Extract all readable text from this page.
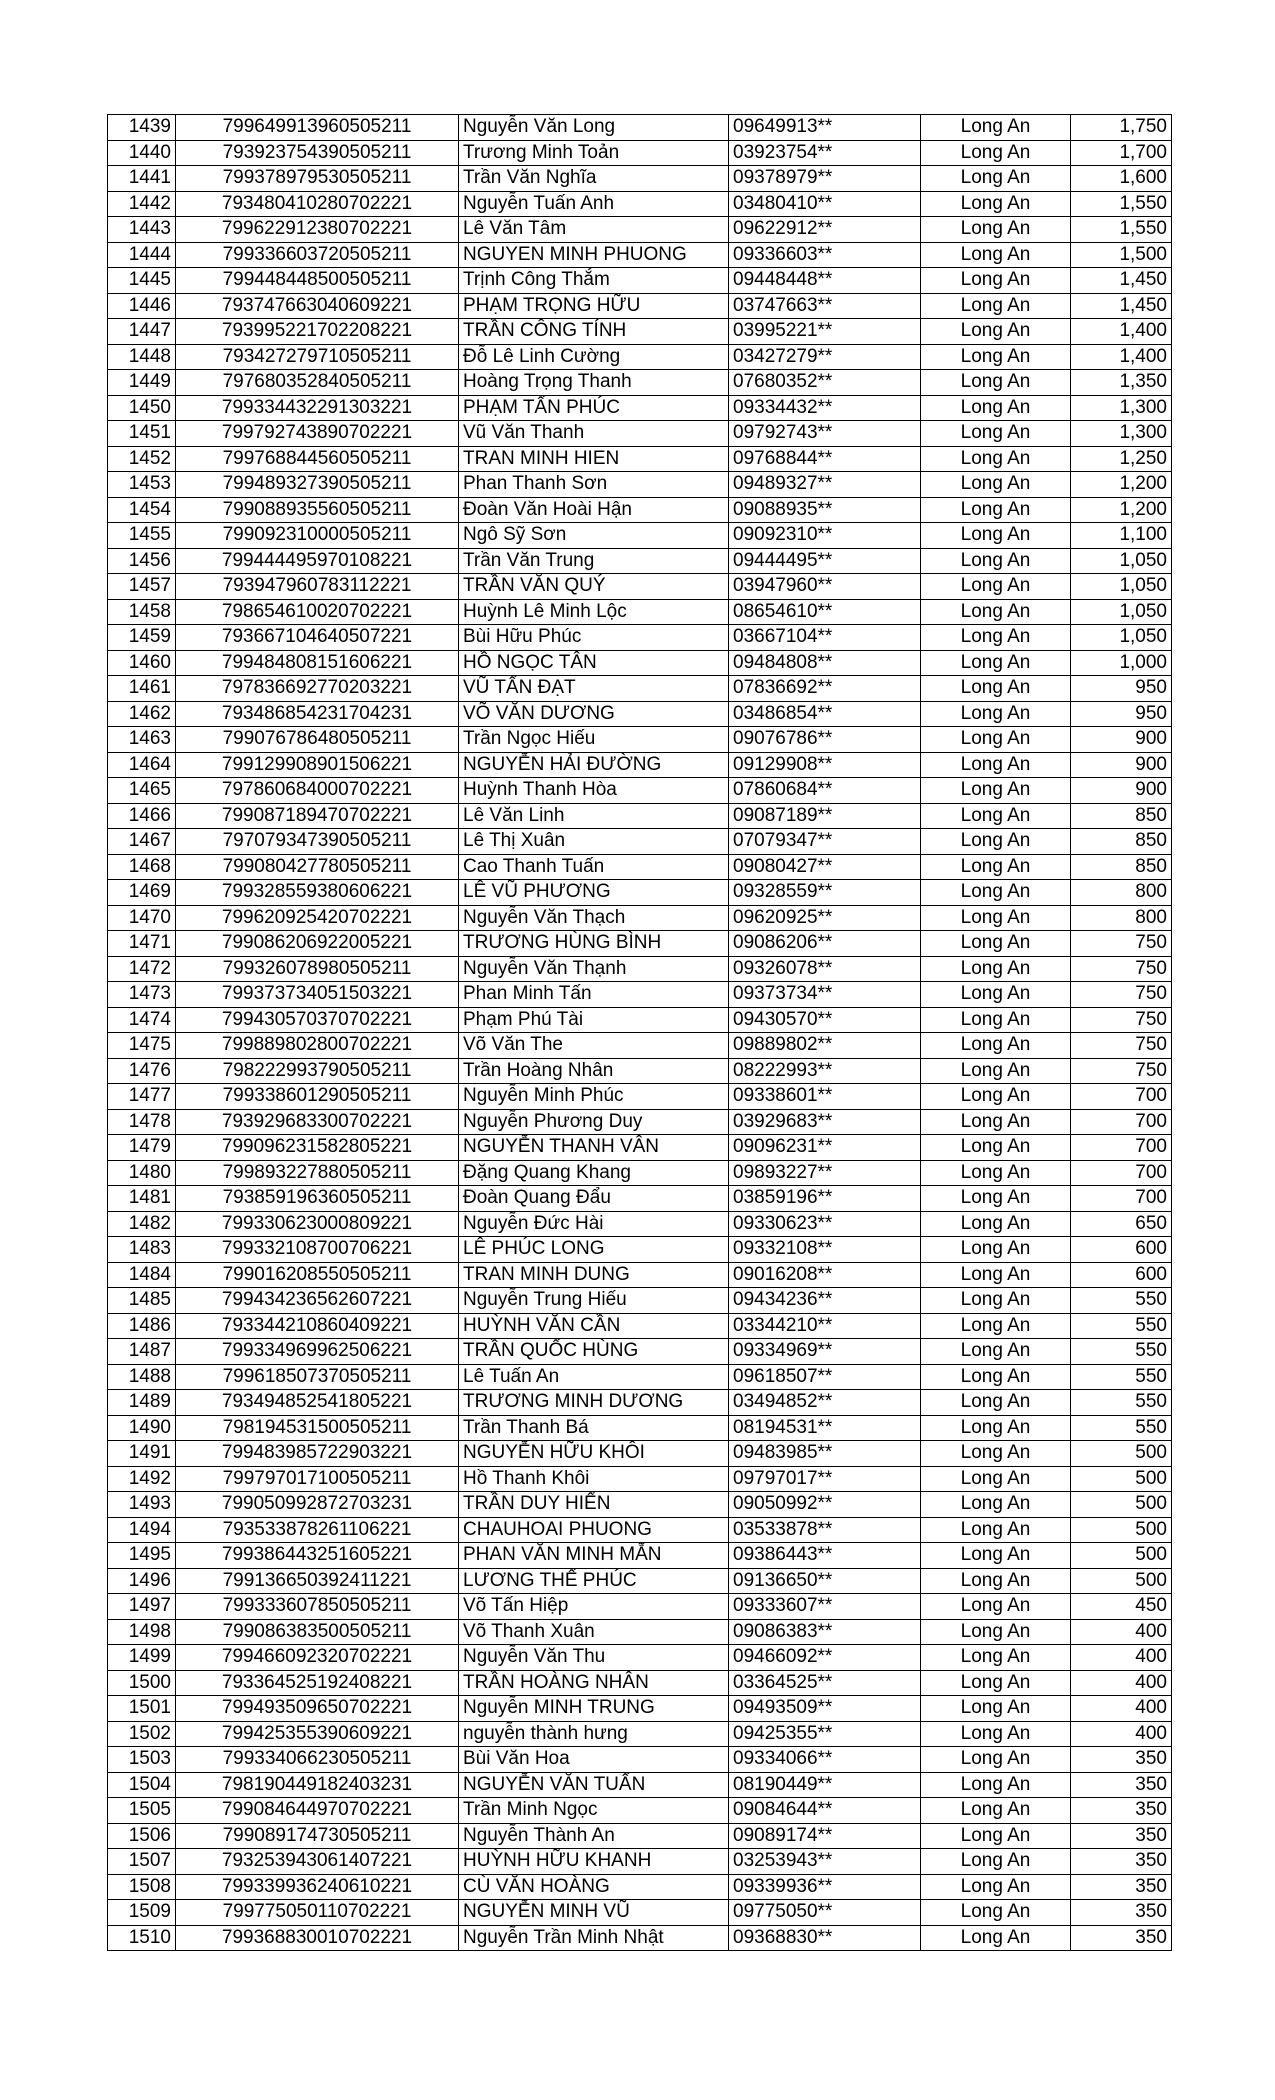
1439	799649913960505211	Nguyễn Văn Long	09649913**	Long An	1,750
1440	793923754390505211	Trương Minh Toản	03923754**	Long An	1,700
1441	799378979530505211	Trần Văn Nghĩa	09378979**	Long An	1,600
1442	793480410280702221	Nguyễn Tuấn Anh	03480410**	Long An	1,550
1443	799622912380702221	Lê Văn Tâm	09622912**	Long An	1,550
1444	799336603720505211	NGUYEN MINH PHUONG	09336603**	Long An	1,500
1445	799448448500505211	Trịnh Công Thắm	09448448**	Long An	1,450
1446	793747663040609221	PHẠM TRỌNG HỮU	03747663**	Long An	1,450
1447	793995221702208221	TRẦN CÔNG TÍNH	03995221**	Long An	1,400
1448	793427279710505211	Đỗ Lê Linh Cường	03427279**	Long An	1,400
1449	797680352840505211	Hoàng Trọng Thanh	07680352**	Long An	1,350
1450	799334432291303221	PHẠM TẤN PHÚC	09334432**	Long An	1,300
1451	799792743890702221	Vũ Văn Thanh	09792743**	Long An	1,300
1452	799768844560505211	TRAN MINH HIEN	09768844**	Long An	1,250
1453	799489327390505211	Phan Thanh Sơn	09489327**	Long An	1,200
1454	799088935560505211	Đoàn Văn Hoài Hận	09088935**	Long An	1,200
1455	799092310000505211	Ngô Sỹ Sơn	09092310**	Long An	1,100
1456	799444495970108221	Trần Văn Trung	09444495**	Long An	1,050
1457	793947960783112221	TRẦN VĂN QUÝ	03947960**	Long An	1,050
1458	798654610020702221	Huỳnh Lê Minh Lộc	08654610**	Long An	1,050
1459	793667104640507221	Bùi Hữu Phúc	03667104**	Long An	1,050
1460	799484808151606221	HỒ NGỌC TÂN	09484808**	Long An	1,000
1461	797836692770203221	VŨ TẤN ĐẠT	07836692**	Long An	950
1462	793486854231704231	VÕ VĂN DƯƠNG	03486854**	Long An	950
1463	799076786480505211	Trần Ngọc Hiếu	09076786**	Long An	900
1464	799129908901506221	NGUYỄN HẢI ĐƯỜNG	09129908**	Long An	900
1465	797860684000702221	Huỳnh Thanh Hòa	07860684**	Long An	900
1466	799087189470702221	Lê Văn Linh	09087189**	Long An	850
1467	797079347390505211	Lê Thị Xuân	07079347**	Long An	850
1468	799080427780505211	Cao Thanh Tuấn	09080427**	Long An	850
1469	799328559380606221	LÊ VŨ PHƯƠNG	09328559**	Long An	800
1470	799620925420702221	Nguyễn Văn Thạch	09620925**	Long An	800
1471	799086206922005221	TRƯƠNG HÙNG BÌNH	09086206**	Long An	750
1472	799326078980505211	Nguyễn Văn Thạnh	09326078**	Long An	750
1473	799373734051503221	Phan Minh Tấn	09373734**	Long An	750
1474	799430570370702221	Phạm Phú Tài	09430570**	Long An	750
1475	799889802800702221	Võ Văn The	09889802**	Long An	750
1476	798222993790505211	Trần Hoàng Nhân	08222993**	Long An	750
1477	799338601290505211	Nguyễn Minh Phúc	09338601**	Long An	700
1478	793929683300702221	Nguyễn Phương Duy	03929683**	Long An	700
1479	799096231582805221	NGUYỄN THANH VÂN	09096231**	Long An	700
1480	799893227880505211	Đặng Quang Khang	09893227**	Long An	700
1481	793859196360505211	Đoàn Quang Đẩu	03859196**	Long An	700
1482	799330623000809221	Nguyễn Đức Hài	09330623**	Long An	650
1483	799332108700706221	LÊ PHÚC LONG	09332108**	Long An	600
1484	799016208550505211	TRAN MINH DUNG	09016208**	Long An	600
1485	799434236562607221	Nguyễn Trung Hiếu	09434236**	Long An	550
1486	793344210860409221	HUỲNH VĂN CẦN	03344210**	Long An	550
1487	799334969962506221	TRẦN QUỐC HÙNG	09334969**	Long An	550
1488	799618507370505211	Lê Tuấn An	09618507**	Long An	550
1489	793494852541805221	TRƯƠNG MINH DƯƠNG	03494852**	Long An	550
1490	798194531500505211	Trần Thanh Bá	08194531**	Long An	550
1491	799483985722903221	NGUYỄN HỮU KHÔI	09483985**	Long An	500
1492	799797017100505211	Hồ Thanh Khôi	09797017**	Long An	500
1493	799050992872703231	TRẦN DUY HIỂN	09050992**	Long An	500
1494	793533878261106221	CHAUHOAI PHUONG	03533878**	Long An	500
1495	799386443251605221	PHAN VĂN MINH MẪN	09386443**	Long An	500
1496	799136650392411221	LƯƠNG THẾ PHÚC	09136650**	Long An	500
1497	799333607850505211	Võ Tấn Hiệp	09333607**	Long An	450
1498	799086383500505211	Võ Thanh Xuân	09086383**	Long An	400
1499	799466092320702221	Nguyễn Văn Thu	09466092**	Long An	400
1500	793364525192408221	TRẦN HOÀNG NHÂN	03364525**	Long An	400
1501	799493509650702221	Nguyễn MINH TRUNG	09493509**	Long An	400
1502	799425355390609221	nguyễn thành hưng	09425355**	Long An	400
1503	799334066230505211	Bùi Văn Hoa	09334066**	Long An	350
1504	798190449182403231	NGUYỄN VĂN TUẤN	08190449**	Long An	350
1505	799084644970702221	Trần Minh Ngọc	09084644**	Long An	350
1506	799089174730505211	Nguyễn Thành An	09089174**	Long An	350
1507	793253943061407221	HUỲNH HỮU KHANH	03253943**	Long An	350
1508	799339936240610221	CÙ VĂN HOÀNG	09339936**	Long An	350
1509	799775050110702221	NGUYỄN MINH VŨ	09775050**	Long An	350
1510	799368830010702221	Nguyễn Trần Minh Nhật	09368830**	Long An	350
